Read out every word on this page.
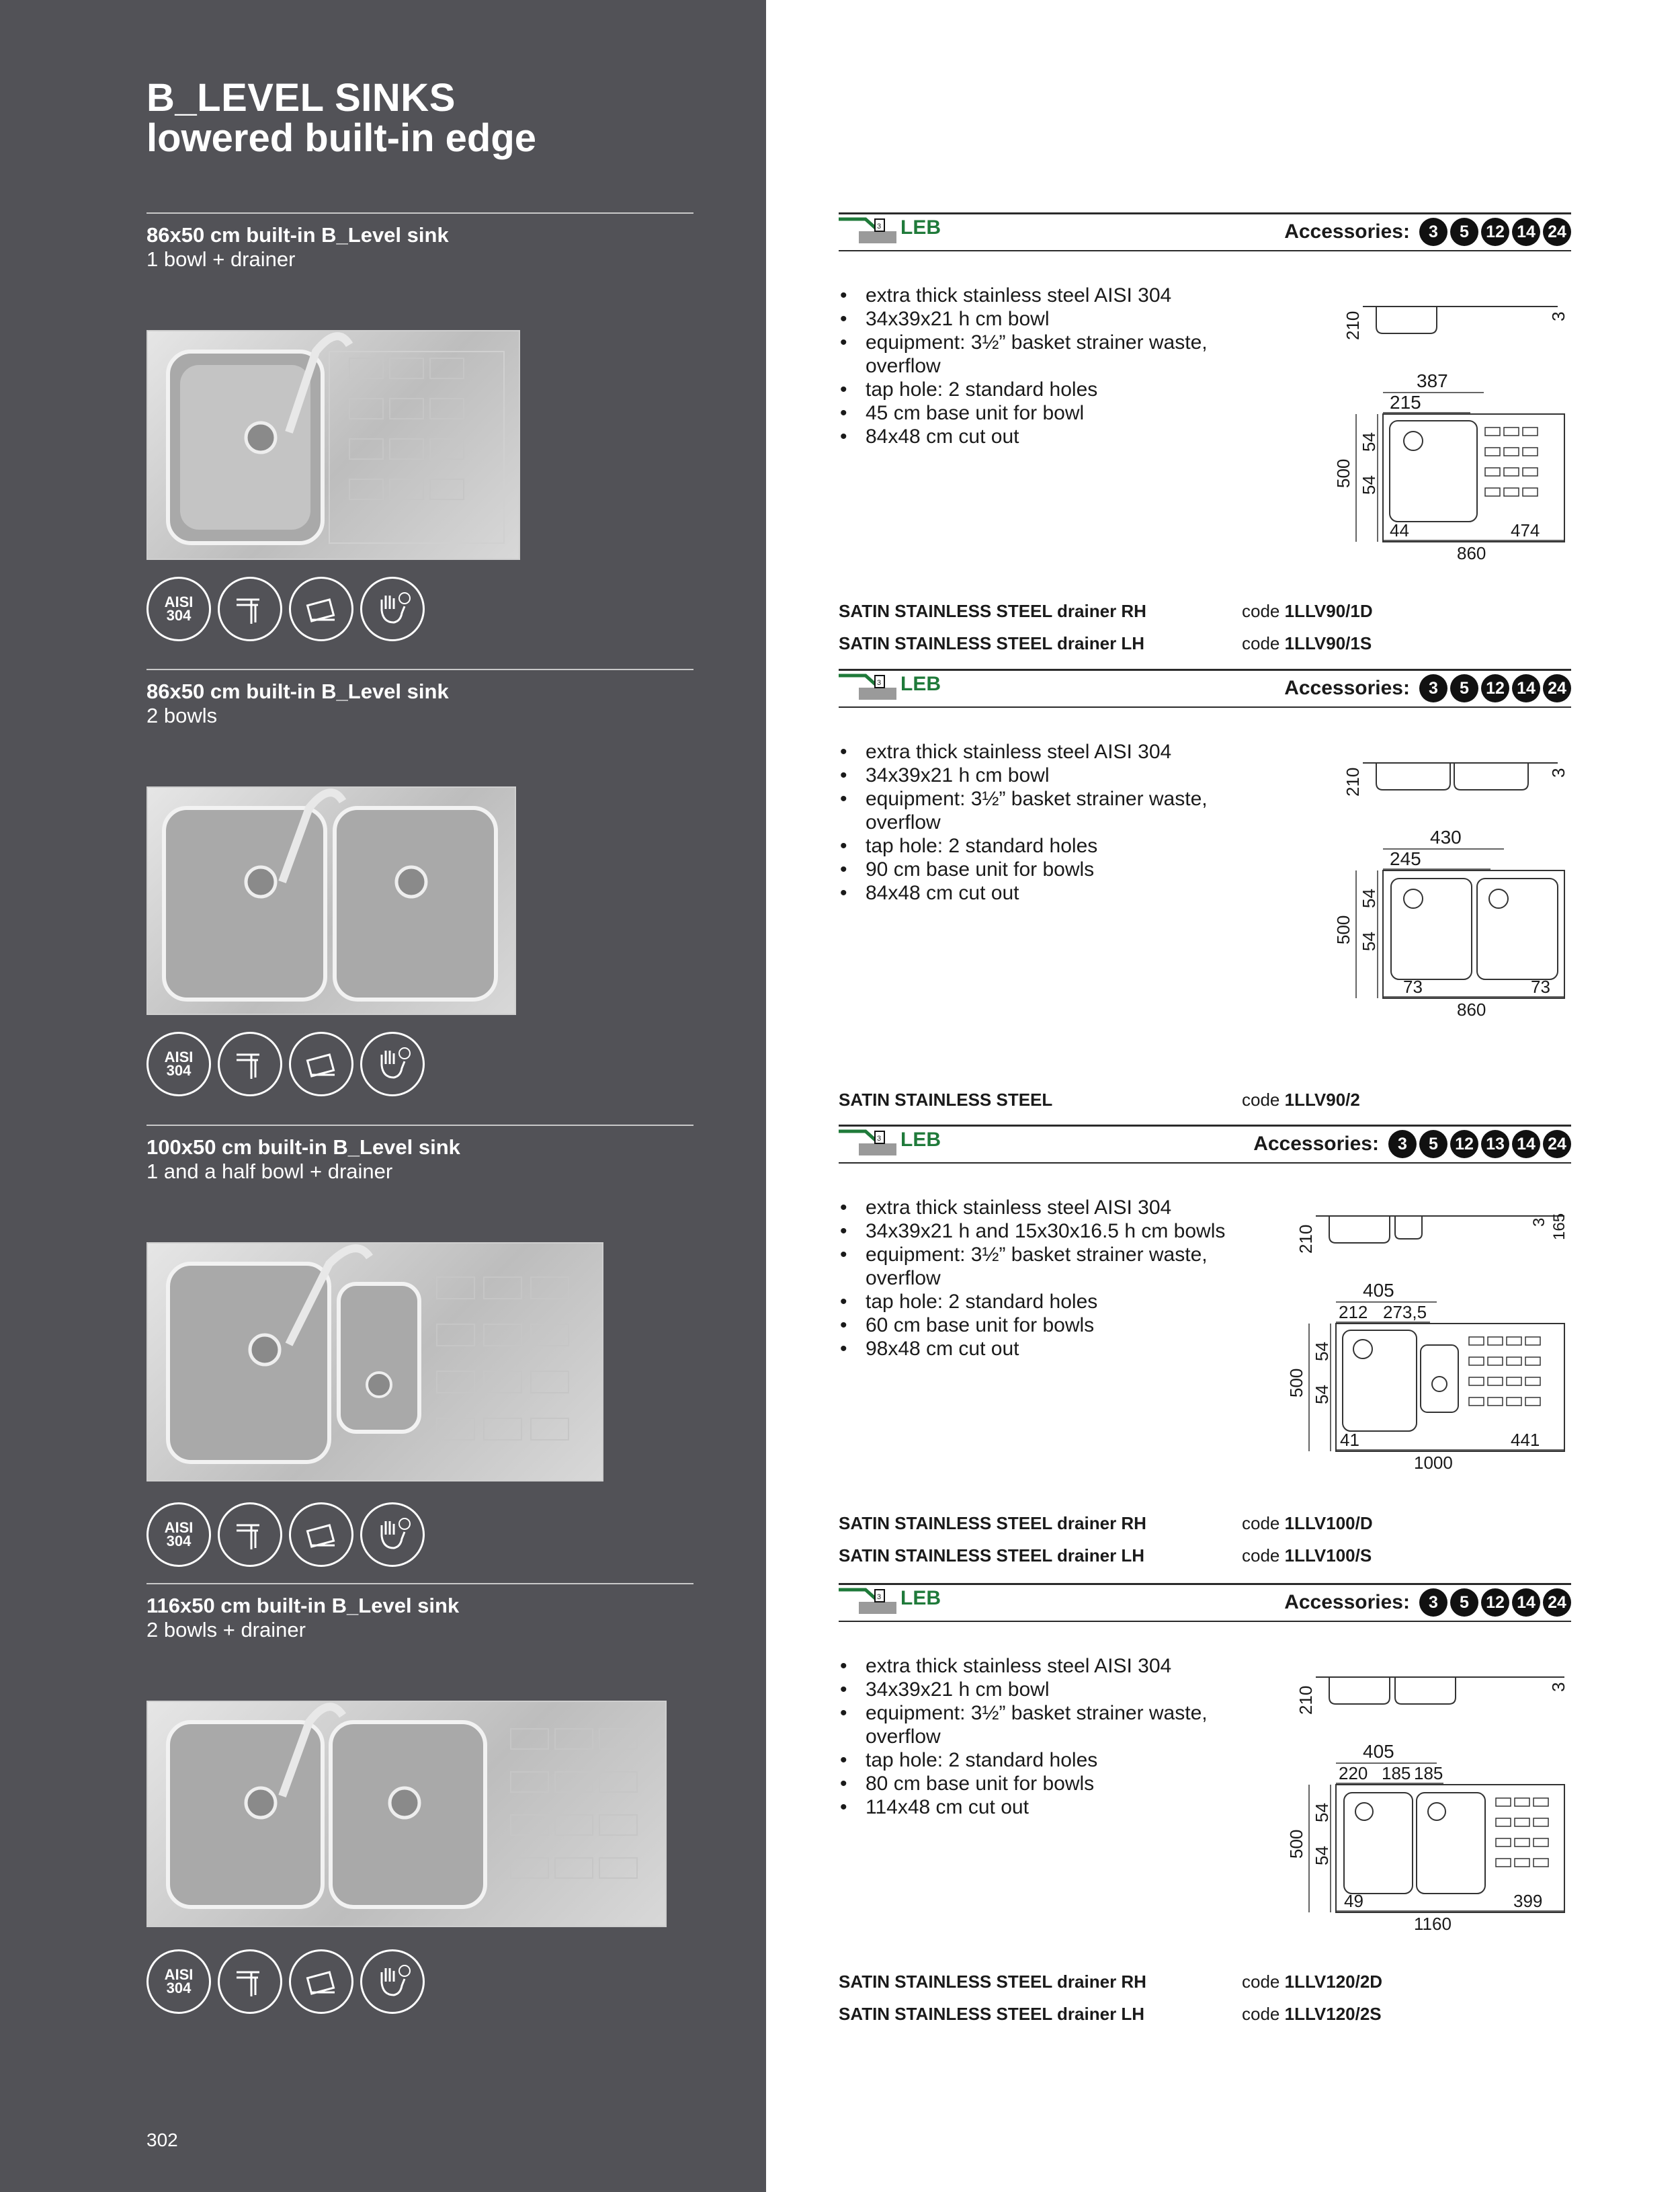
B_LEVEL SINKS
lowered built-in edge
302
86x50 cm built-in B_Level sink
1 bowl + drainer
AISI
304
3 LEB	Accessories:	3	5	12 14 24
• extra thick stainless steel AISI 304
• 34x39x21 h cm bowl
• equipment: 3½” basket strainer waste, overflow
• tap hole: 2 standard holes
• 45 cm base unit for bowl
• 84x48 cm cut out
210	3
387
215
500
54
54
44	474
860
SATIN STAINLESS STEEL drainer RH	code 1LLV90/1D
SATIN STAINLESS STEEL drainer LH	code 1LLV90/1S
86x50 cm built-in B_Level sink
2 bowls
AISI
304
3 LEB	Accessories:	3	5	12 14 24
• extra thick stainless steel AISI 304
• 34x39x21 h cm bowl
• equipment: 3½” basket strainer waste, overflow
• tap hole: 2 standard holes
• 90 cm base unit for bowls
• 84x48 cm cut out
210	3
430
245
500
54
54
73	73
860
SATIN STAINLESS STEEL	code 1LLV90/2
100x50 cm built-in B_Level sink
1 and a half bowl + drainer
AISI
304
3 LEB	Accessories:	3	5	12 13 14 24
• extra thick stainless steel AISI 304
• 34x39x21 h and 15x30x16.5 h cm bowls
• equipment: 3½” basket strainer waste, overflow
• tap hole: 2 standard holes
• 60 cm base unit for bowls
• 98x48 cm cut out
210
3 165
405
212 273,5
500
54
54
41	441
1000
SATIN STAINLESS STEEL drainer RH	code 1LLV100/D
SATIN STAINLESS STEEL drainer LH	code 1LLV100/S
116x50 cm built-in B_Level sink
2 bowls + drainer
AISI
304
3 LEB	Accessories:	3	5	12 14 24
• extra thick stainless steel AISI 304
• 34x39x21 h cm bowl
• equipment: 3½” basket strainer waste, overflow
• tap hole: 2 standard holes
• 80 cm base unit for bowls
• 114x48 cm cut out
210	3
405
220 185 185
500
54
54
49	399
1160
SATIN STAINLESS STEEL drainer RH	code 1LLV120/2D
SATIN STAINLESS STEEL drainer LH	code 1LLV120/2S
